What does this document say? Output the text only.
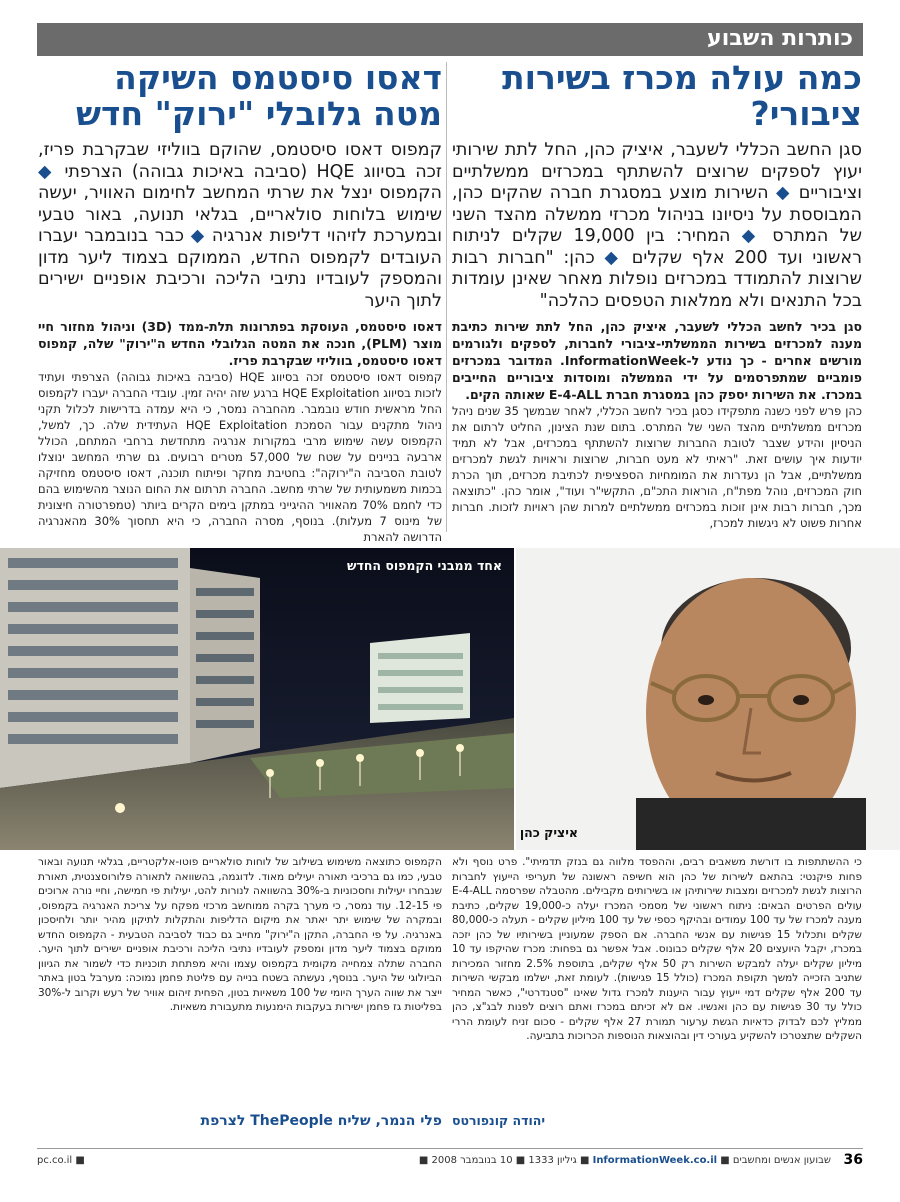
כותרות השבוע
כמה עולה מכרז בשירות ציבורי?
סגן החשב הכללי לשעבר, איציק כהן, החל לתת שירותי יעוץ לספקים שרוצים להשתתף במכרזים ממשלתיים וציבוריים ◆ השירות מוצע במסגרת חברה שהקים כהן, המבוססת על ניסיונו בניהול מכרזי ממשלה מהצד השני של המתרס ◆ המחיר: בין 19,000 שקלים לניתוח ראשוני ועד 200 אלף שקלים ◆ כהן: "חברות רבות שרוצות להתמודד במכרזים נופלות מאחר שאינן עומדות בכל התנאים ולא ממלאות הטפסים כהלכה"

סגן בכיר לחשב הכללי לשעבר, איציק כהן, החל לתת שירות כתיבת מענה למכרזים בשירות הממשלתי-ציבורי לחברות, לספקים ולגורמים מורשים אחרים - כך נודע ל-InformationWeek. המדובר במכרזים פומביים שמתפרסמים על ידי הממשלה ומוסדות ציבוריים החייבים במכרז. את השירות יספק כהן במסגרת חברת E-4-ALL שאותה הקים.

כהן פרש לפני כשנה מתפקידו כסגן בכיר לחשב הכללי, לאחר שבמשך 35 שנים ניהל מכרזים ממשלתיים מהצד השני של המתרס. בתום שנת הצינון, החליט לרתום את הניסיון והידע שצבר לטובת החברות שרוצות להשתתף במכרזים, אבל לא תמיד יודעות איך עושים זאת. "ראיתי לא מעט חברות, שרוצות וראויות לגשת למכרזים ממשלתיים, אבל הן נעדרות את המומחיות הספציפית לכתיבת מכרזים, תוך הכרת חוק המכרזים, נוהל מפת"ח, הוראות התכ"ם, התקשי"ר ועוד", אומר כהן. "כתוצאה מכך, חברות רבות אינן זוכות במכרזים ממשלתיים למרות שהן ראויות לזכות. חברות אחרות פשוט לא ניגשות למכרז,

דאסו סיסטמס השיקה מטה גלובלי "ירוק" חדש
קמפוס דאסו סיסטמס, שהוקם בווליזי שבקרבת פריז, זכה בסיווג HQE (סביבה באיכות גבוהה) הצרפתי ◆ הקמפוס ינצל את שרתי המחשב לחימום האוויר, יעשה שימוש בלוחות סולאריים, בגלאי תנועה, באור טבעי ובמערכת לזיהוי דליפות אנרגיה ◆ כבר בנובמבר יעברו העובדים לקמפוס החדש, הממוקם בצמוד ליער מדון והמספק לעובדיו נתיבי הליכה ורכיבת אופניים ישירים לתוך היער

דאסו סיסטמס, העוסקת בפתרונות תלת-ממד (3D) וניהול מחזור חיי מוצר (PLM), חנכה את המטה הגלובלי החדש ה"ירוק" שלה, קמפוס דאסו סיסטמס, בווליזי שבקרבת פריז.

קמפוס דאסו סיסטמס זכה בסיווג HQE (סביבה באיכות גבוהה) הצרפתי ועתיד לזכות בסיווג HQE Exploitation ברגע שזה יהיה זמין. עובדי החברה יעברו לקמפוס החל מראשית חודש נובמבר. מהחברה נמסר, כי היא עמדה בדרישות לכלול תקני ניהול מתקנים עבור הסמכת HQE Exploitation העתידית שלה. כך, למשל, הקמפוס עשה שימוש מרבי במקורות אנרגיה מתחדשת ברחבי המתחם, הכולל ארבעה בניינים על שטח של 57,000 מטרים רבועים. גם שרתי המחשב ינוצלו לטובת הסביבה ה"ירוקה": בחטיבת מחקר ופיתוח תוכנה, דאסו סיסטמס מחזיקה בכמות משמעותית של שרתי מחשב. החברה תרתום את החום הנוצר מהשימוש בהם כדי לחמם 70% מהאוויר ההיגייני במתקן בימים הקרים ביותר (טמפרטורה חיצונית של מינוס 7 מעלות). בנוסף, מסרה החברה, כי היא תחסוך 30% מהאנרגיה הדרושה להארת

אחד ממבני הקמפוס החדש
איציק כהן

כי ההשתתפות בו דורשת משאבים רבים, וההפסד מלווה גם בנזק תדמיתי". פרט נוסף ולא פחות פיקנטי: בהתאם לשירות של כהן הוא חשיפה ראשונה של תעריפי הייעוץ לחברות הרוצות לגשת למכרזים ומצבות שירותיהן או בשירותים מקבילים. מהטבלה שפרסמה E-4-ALL עולים הפרטים הבאים: ניתוח ראשוני של מסמכי המכרז יעלה כ-19,000 שקלים, כתיבת מענה למכרז של עד 100 עמודים ובהיקף כספי של עד 100 מיליון שקלים - תעלה כ-80,000 שקלים ותכלול 15 פגישות עם אנשי החברה. אם הספק שמעוניין בשירותיו של כהן יזכה במכרז, יקבל היועצים 20 אלף שקלים כבונוס. אבל אפשר גם בפחות: מכרז שהיקפו עד 10 מיליון שקלים יעלה למבקש השירות רק 50 אלף שקלים, בתוספת 2.5% מחזור המכירות שתניב הזכייה למשך תקופת המכרז (כולל 15 פגישות). לעומת זאת, ישלמו מבקשי השירות עד 200 אלף שקלים דמי ייעוץ עבור היענות למכרז גדול שאינו "סטנדרטי", כאשר המחיר כולל עד 30 פגישות עם כהן ואנשיו. אם לא זכיתם במכרז ואתם רוצים לפנות לבג"צ, כהן ממליץ לכם לבדוק כדאיות הגשת ערעור תמורת 27 אלף שקלים - סכום זניח לעומת הררי השקלים שתצטרכו להשקיע בעורכי דין ובהוצאות הנוספות הכרוכות בתביעה.

יהודה קונפורטס

הקמפוס כתוצאה משימוש בשילוב של לוחות סולאריים פוטו-אלקטריים, בגלאי תנועה ובאור טבעי, כמו גם ברכיבי תאורה יעילים מאוד. לדוגמה, בהשוואה לתאורה פלורוסצנטית, תאורת שנבחרו יעילות וחסכוניות ב-30% בהשוואה לנורות להט, יעילות פי חמישה, וחיי נורה ארוכים פי 12-15. עוד נמסר, כי מערך בקרה ממוחשב מרכזי מפקח על צריכת האנרגיה בקמפוס, ובמקרה של שימוש יתר יאתר את מיקום הדליפות והתקלות לתיקון מהיר יותר ולחיסכון באנרגיה. על פי החברה, התקן ה"ירוק" מחייב גם כבוד לסביבה הטבעית - הקמפוס החדש ממוקם בצמוד ליער מדון ומספק לעובדיו נתיבי הליכה ורכיבת אופניים ישירים לתוך היער. החברה שתלה צמחייה מקומית בקמפוס עצמו והיא מפתחת תוכניות כדי לשמור את הגיוון הביולוגי של היער. בנוסף, נעשתה בשטח בנייה עם פליטת פחמן נמוכה: מערבל בטון באתר ייצר את שווה הערך היומי של 100 משאיות בטון, הפחית זיהום אוויר של רעש וקרוב ל-30% בפליטות גז פחמן ישירות בעקבות הימנעות מתעבורת משאיות.

פלי הנמר, שליח ThePeople לצרפת
36
שבועון אנשים ומחשבים ■ InformationWeek.co.il ■ גיליון 1333 ■ 10 בנובמבר 2008 ■
pc.co.il ■
